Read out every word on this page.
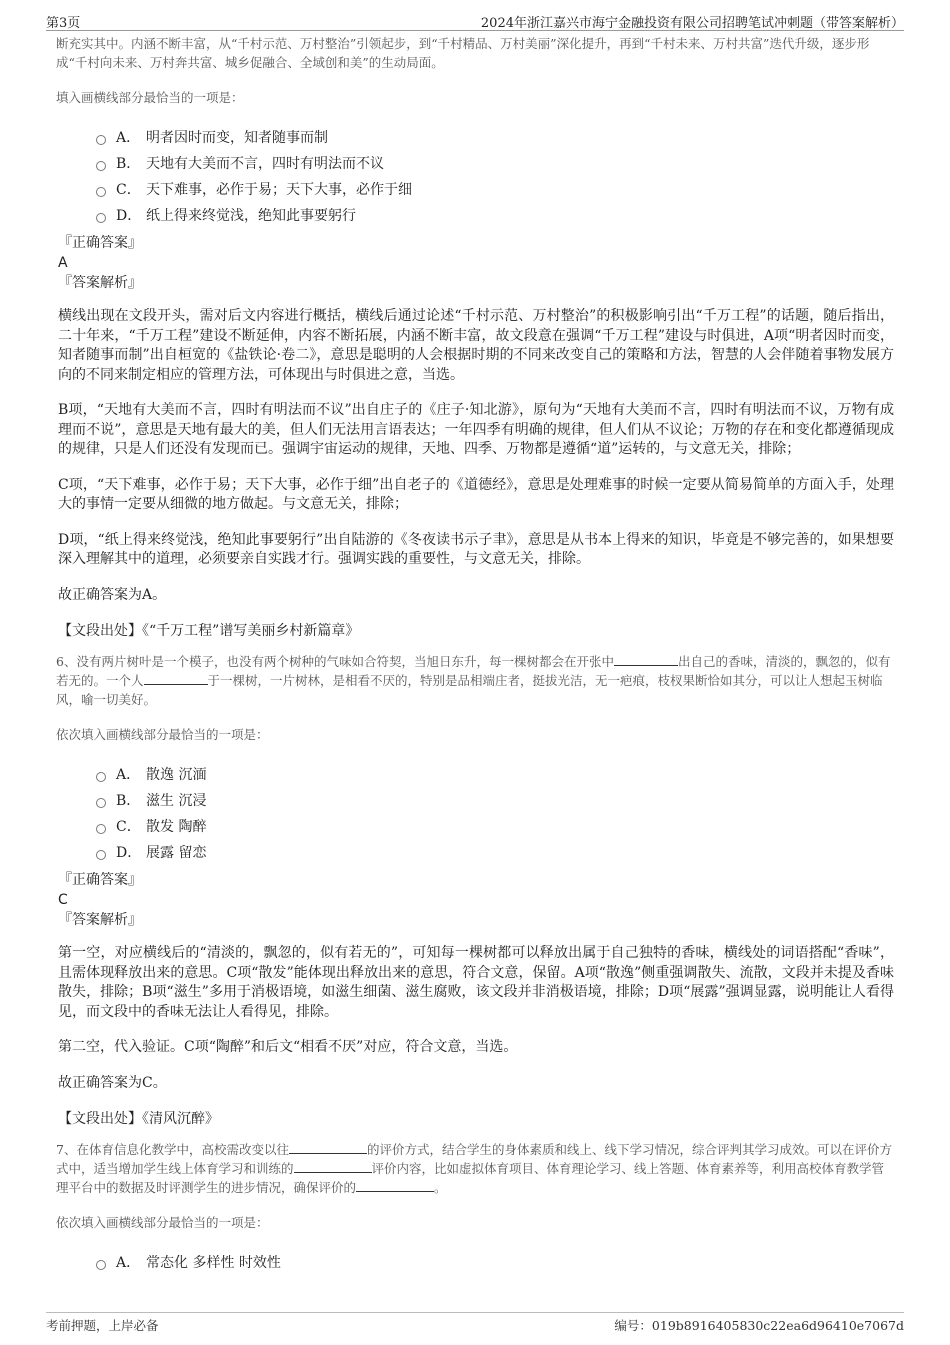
第3页	2024年浙江嘉兴市海宁金融投资有限公司招聘笔试冲刺题（带答案解析）

断充实其中。内涵不断丰富，从“千村示范、万村整治”引领起步，到“千村精品、万村美丽”深化提升，再到“千村未来、万村共富”迭代升级，逐步形成“千村向未来、万村奔共富、城乡促融合、全域创和美”的生动局面。

填入画横线部分最恰当的一项是：

A． 明者因时而变，知者随事而制
B． 天地有大美而不言，四时有明法而不议
C． 天下难事，必作于易；天下大事，必作于细
D． 纸上得来终觉浅，绝知此事要躬行

『正确答案』

A

『答案解析』

横线出现在文段开头，需对后文内容进行概括，横线后通过论述“千村示范、万村整治”的积极影响引出“千万工程”的话题，随后指出，二十年来，“千万工程”建设不断延伸，内容不断拓展，内涵不断丰富，故文段意在强调“千万工程”建设与时俱进，A项“明者因时而变，知者随事而制”出自桓宽的《盐铁论·卷二》，意思是聪明的人会根据时期的不同来改变自己的策略和方法，智慧的人会伴随着事物发展方向的不同来制定相应的管理方法，可体现出与时俱进之意，当选。

B项，“天地有大美而不言，四时有明法而不议”出自庄子的《庄子·知北游》，原句为“天地有大美而不言，四时有明法而不议，万物有成理而不说”，意思是天地有最大的美，但人们无法用言语表达；一年四季有明确的规律，但人们从不议论；万物的存在和变化都遵循现成的规律，只是人们还没有发现而已。强调宇宙运动的规律，天地、四季、万物都是遵循“道”运转的，与文意无关，排除；

C项，“天下难事，必作于易；天下大事，必作于细”出自老子的《道德经》，意思是处理难事的时候一定要从简易简单的方面入手，处理大的事情一定要从细微的地方做起。与文意无关，排除；

D项，“纸上得来终觉浅，绝知此事要躬行”出自陆游的《冬夜读书示子聿》，意思是从书本上得来的知识，毕竟是不够完善的，如果想要深入理解其中的道理，必须要亲自实践才行。强调实践的重要性，与文意无关，排除。

故正确答案为A。

【文段出处】《“千万工程”谱写美丽乡村新篇章》

6、没有两片树叶是一个模子，也没有两个树种的气味如合符契，当旭日东升，每一棵树都会在开张中	出自己的香味，清淡的，飘忽的，似有若无的。一个人	于一棵树，一片树林，是相看不厌的，特别是品相端庄者，挺拔光洁，无一疤痕，枝杈果断恰如其分，可以让人想起玉树临风，喻一切美好。

依次填入画横线部分最恰当的一项是：

A． 散逸 沉湎
B． 滋生 沉浸
C． 散发 陶醉
D． 展露 留恋

『正确答案』

C

『答案解析』

第一空，对应横线后的“清淡的，飘忽的，似有若无的”，可知每一棵树都可以释放出属于自己独特的香味，横线处的词语搭配“香味”，且需体现释放出来的意思。C项“散发”能体现出释放出来的意思，符合文意，保留。A项“散逸”侧重强调散失、流散，文段并未提及香味散失，排除；B项“滋生”多用于消极语境，如滋生细菌、滋生腐败，该文段并非消极语境，排除；D项“展露”强调显露，说明能让人看得见，而文段中的香味无法让人看得见，排除。

第二空，代入验证。C项“陶醉”和后文“相看不厌”对应，符合文意，当选。

故正确答案为C。

【文段出处】《清风沉醉》

7、在体育信息化教学中，高校需改变以往	的评价方式，结合学生的身体素质和线上、线下学习情况，综合评判其学习成效。可以在评价方式中，适当增加学生线上体育学习和训练的	评价内容，比如虚拟体育项目、体育理论学习、线上答题、体育素养等，利用高校体育教学管理平台中的数据及时评测学生的进步情况，确保评价的	。

依次填入画横线部分最恰当的一项是：

A． 常态化 多样性 时效性
考前押题，上岸必备	编号：019b8916405830c22ea6d96410e7067d
